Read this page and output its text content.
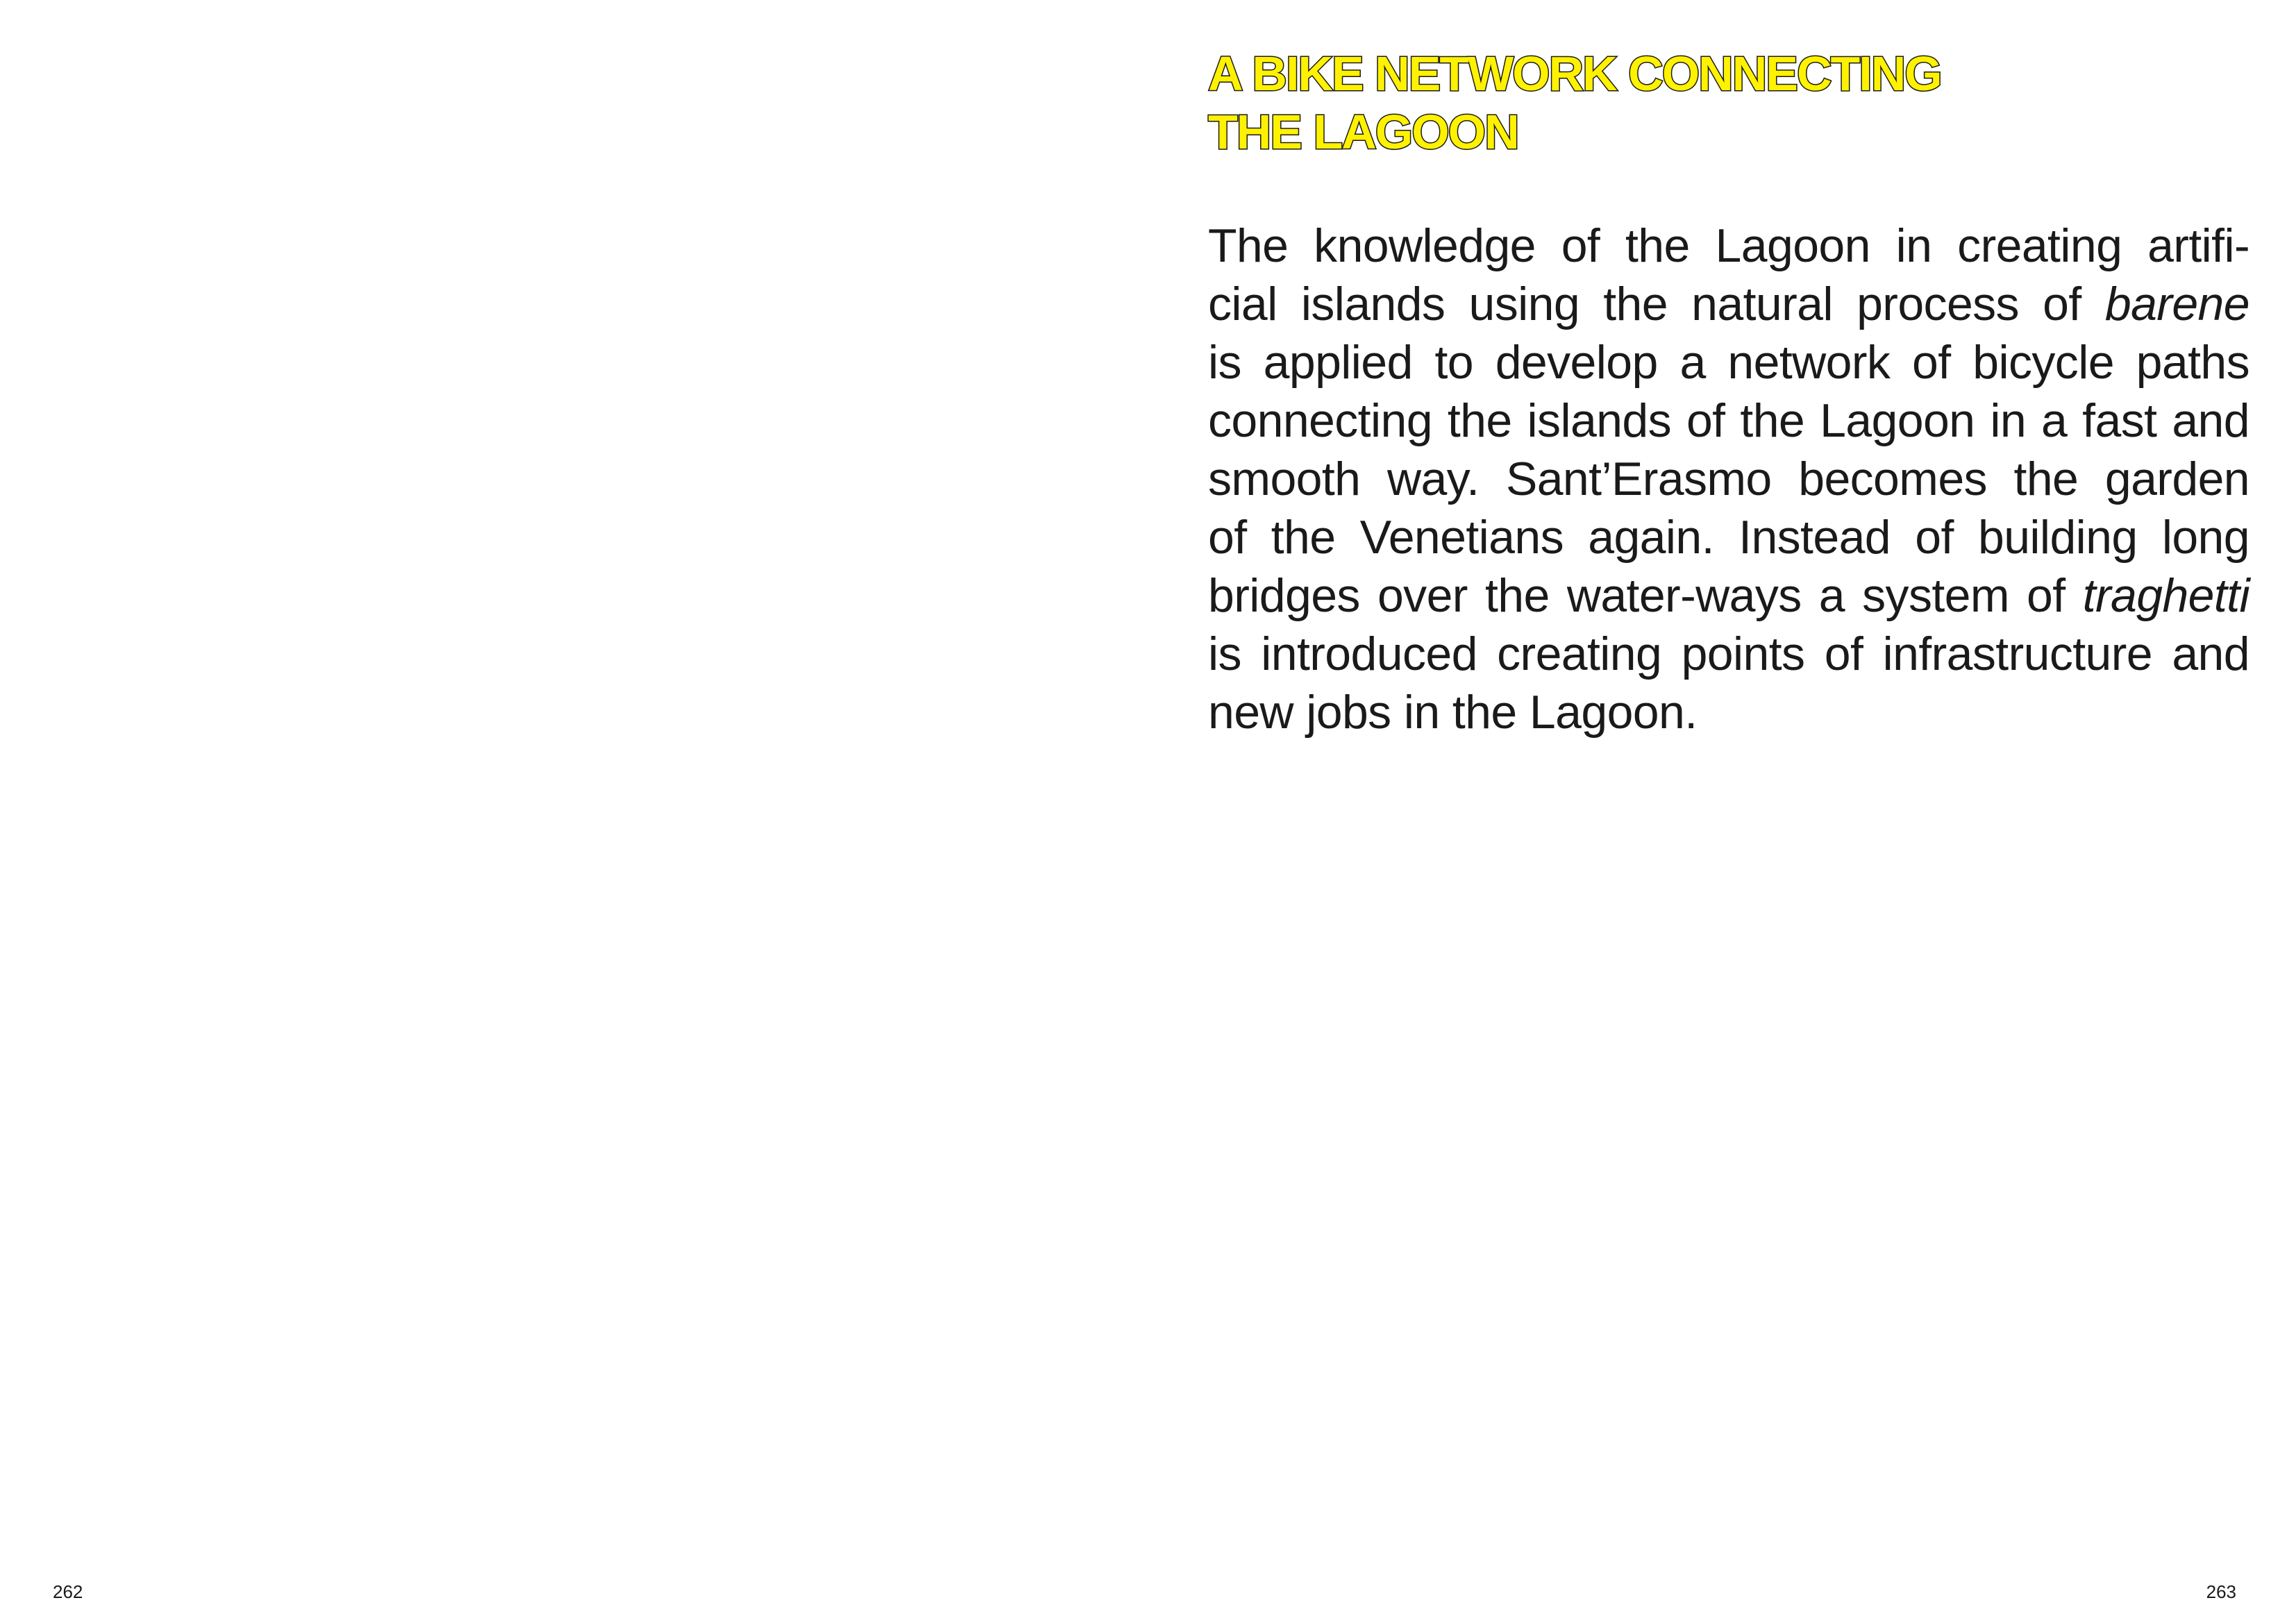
262
A BIKE NETWORK CONNECTING
THE LAGOON

The knowledge of the Lagoon in creating artifi-
cial islands using the natural process of barene
is applied to develop a network of bicycle paths
connecting the islands of the Lagoon in a fast and
smooth way. Sant’Erasmo becomes the garden
of the Venetians again. Instead of building long
bridges over the water-ways a system of traghetti
is introduced creating points of infrastructure and
new jobs in the Lagoon.

263
